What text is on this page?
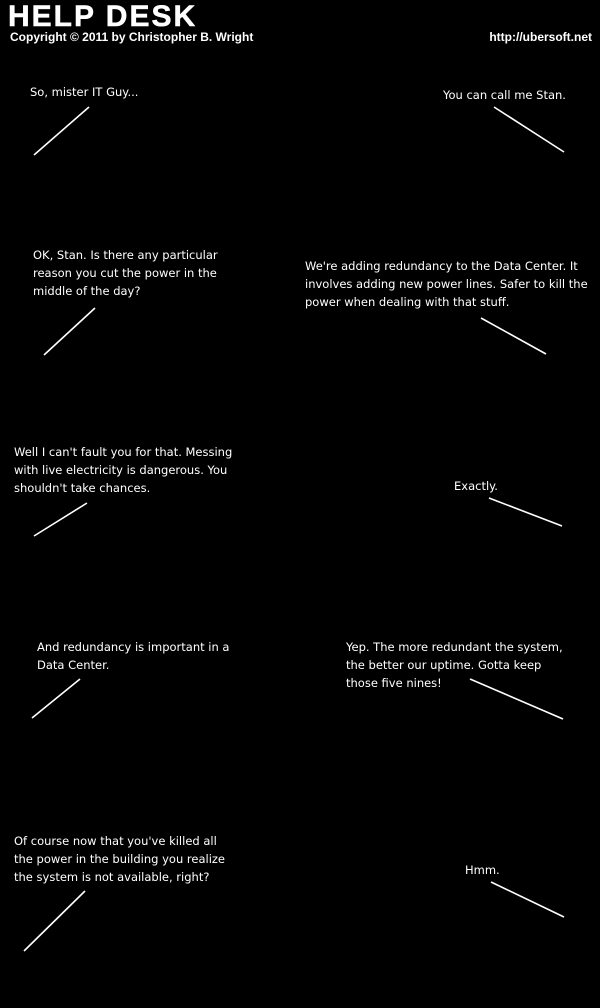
HELP DESK
Copyright © 2011 by Christopher B. Wright	http://ubersoft.net
So, mister IT Guy...	You can call me Stan.
OK, Stan. Is there any particular reason you cut the power in the middle of the day?
We're adding redundancy to the Data Center. It involves adding new power lines. Safer to kill the power when dealing with that stuff.
Well I can't fault you for that. Messing with live electricity is dangerous. You shouldn't take chances.	Exactly.
And redundancy is important in a Data Center.
Yep. The more redundant the system, the better our uptime. Gotta keep those five nines!
Of course now that you've killed all the power in the building you realize the system is not available, right?	Hmm.
